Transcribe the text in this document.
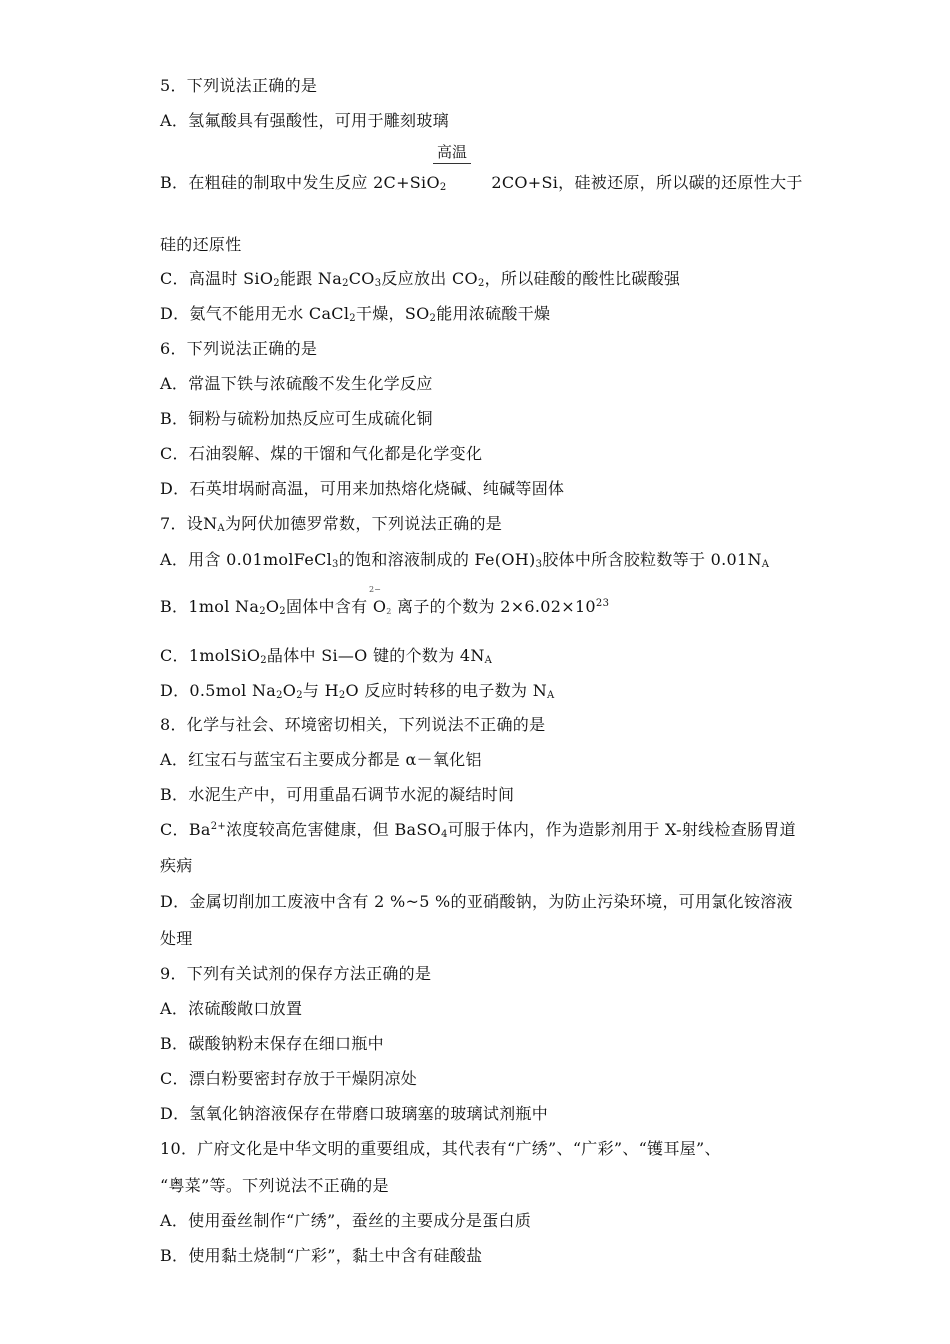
5．下列说法正确的是
A．氢氟酸具有强酸性，可用于雕刻玻璃
高温
B．在粗硅的制取中发生反应 2C+SiO$_2$	2CO+Si，硅被还原，所以碳的还原性大于
硅的还原性
C．高温时 SiO$_2$能跟 $Na_2CO_3$反应放出 $CO_2$，所以硅酸的酸性比碳酸强
D．氨气不能用无水 CaCl$_2$干燥，$SO_2$能用浓硫酸干燥
6．下列说法正确的是
A．常温下铁与浓硫酸不发生化学反应
B．铜粉与硫粉加热反应可生成硫化铜
C．石油裂解、煤的干馏和气化都是化学变化
D．石英坩埚耐高温，可用来加热熔化烧碱、纯碱等固体
7．设$N_A$为阿伏加德罗常数，下列说法正确的是
A．用含 0.01molFeCl$_3$的饱和溶液制成的 $Fe(OH)_3$胶体中所含胶粒数等于 $0.01N_A$
2−
B．1mol $Na_2O_2$固体中含有 $O_2$ 离子的个数为 $2\times 6.02\times 10^{23}$
C．1molSiO$_2$晶体中 Si—O 键的个数为 $4N_A$
D．0.5mol $Na_2O_2$与 $H_2O$ 反应时转移的电子数为 $N_A$
8．化学与社会、环境密切相关，下列说法不正确的是
A．红宝石与蓝宝石主要成分都是 α－氧化铝
B．水泥生产中，可用重晶石调节水泥的凝结时间
C．$Ba^{2+}$浓度较高危害健康，但 BaSO$_4$可服于体内，作为造影剂用于 X-射线检查肠胃道
疾病
D．金属切削加工废液中含有 2 %~5 %的亚硝酸钠，为防止污染环境，可用氯化铵溶液
处理
9．下列有关试剂的保存方法正确的是
A．浓硫酸敞口放置
B．碳酸钠粉末保存在细口瓶中
C．漂白粉要密封存放于干燥阴凉处
D．氢氧化钠溶液保存在带磨口玻璃塞的玻璃试剂瓶中
10．广府文化是中华文明的重要组成，其代表有“广绣”、“广彩”、“镬耳屋”、
“粤菜”等。下列说法不正确的是
A．使用蚕丝制作“广绣”，蚕丝的主要成分是蛋白质
B．使用黏土烧制“广彩”，黏土中含有硅酸盐
